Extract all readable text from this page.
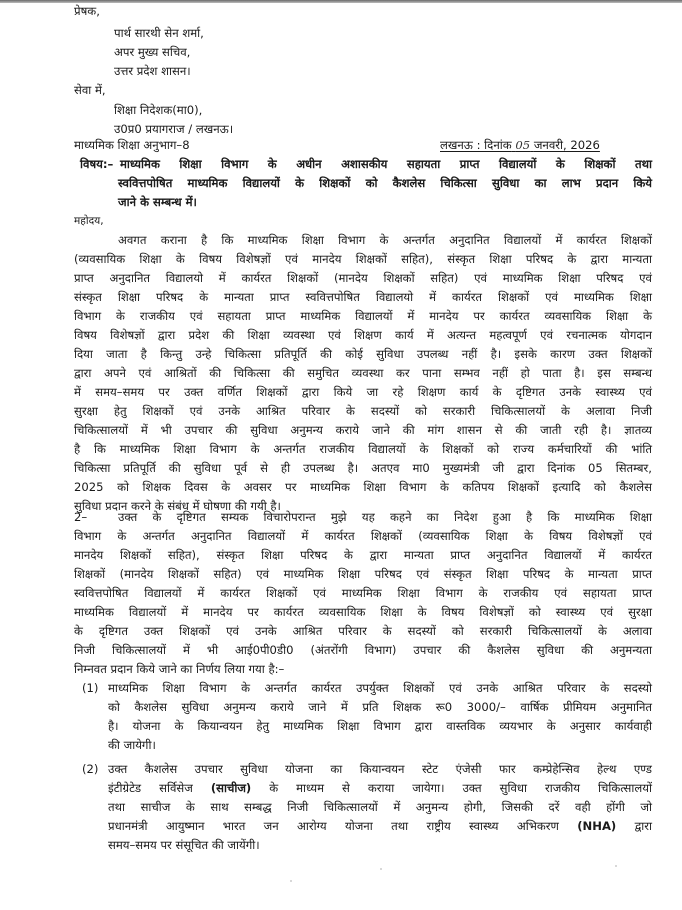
प्रेषक,
पार्थ सारथी सेन शर्मा,
अपर मुख्य सचिव,
उत्तर प्रदेश शासन।
सेवा में,
शिक्षा निदेशक(मा0),
उ0प्र0 प्रयागराज / लखनऊ।
माध्यमिक शिक्षा अनुभाग–8	लखनऊ : दिनांक 05 जनवरी, 2026
विषय:– माध्यमिक शिक्षा विभाग के अधीन अशासकीय सहायता प्राप्त विद्यालयों के शिक्षकों तथा
स्ववित्तपोषित माध्यमिक विद्यालयों के शिक्षकों को कैशलेस चिकित्सा सुविधा का लाभ प्रदान किये
जाने के सम्बन्ध में।
महोदय,
अवगत कराना है कि माध्यमिक शिक्षा विभाग के अन्तर्गत अनुदानित विद्यालयों में कार्यरत शिक्षकों
(व्यवसायिक शिक्षा के विषय विशेषज्ञों एवं मानदेय शिक्षकों सहित), संस्कृत शिक्षा परिषद के द्वारा मान्यता
प्राप्त अनुदानित विद्यालयो में कार्यरत शिक्षकों (मानदेय शिक्षकों सहित) एवं माध्यमिक शिक्षा परिषद एवं
संस्कृत शिक्षा परिषद के मान्यता प्राप्त स्ववित्तपोषित विद्यालयो में कार्यरत शिक्षकों एवं माध्यमिक शिक्षा
विभाग के राजकीय एवं सहायता प्राप्त माध्यमिक विद्यालयों में मानदेय पर कार्यरत व्यवसायिक शिक्षा के
विषय विशेषज्ञों द्वारा प्रदेश की शिक्षा व्यवस्था एवं शिक्षण कार्य में अत्यन्त महत्वपूर्ण एवं रचनात्मक योगदान
दिया जाता है किन्तु उन्हे चिकित्सा प्रतिपूर्ति की कोई सुविधा उपलब्ध नहीं है। इसके कारण उक्त शिक्षकों
द्वारा अपने एवं आश्रितों की चिकित्सा की समुचित व्यवस्था कर पाना सम्भव नहीं हो पाता है। इस सम्बन्ध
में समय–समय पर उक्त वर्णित शिक्षकों द्वारा किये जा रहे शिक्षण कार्य के दृष्टिगत उनके स्वास्थ्य एवं
सुरक्षा हेतु शिक्षकों एवं उनके आश्रित परिवार के सदस्यों को सरकारी चिकित्सालयों के अलावा निजी
चिकित्सालयों में भी उपचार की सुविधा अनुमन्य कराये जाने की मांग शासन से की जाती रही है। ज्ञातव्य
है कि माध्यमिक शिक्षा विभाग के अन्तर्गत राजकीय विद्यालयों के शिक्षकों को राज्य कर्मचारियों की भांति
चिकित्सा प्रतिपूर्ति की सुविधा पूर्व से ही उपलब्ध है। अतएव मा0 मुख्यमंत्री जी द्वारा दिनांक 05 सितम्बर,
2025 को शिक्षक दिवस के अवसर पर माध्यमिक शिक्षा विभाग के कतिपय शिक्षकों इत्यादि को कैशलेस
सुविधा प्रदान करने के संबंध में घोषणा की गयी है।
2–	उक्त के दृष्टिगत सम्यक विचारोपरान्त मुझे यह कहने का निदेश हुआ है कि माध्यमिक शिक्षा
विभाग के अन्तर्गत अनुदानित विद्यालयों में कार्यरत शिक्षकों (व्यवसायिक शिक्षा के विषय विशेषज्ञों एवं
मानदेय शिक्षकों सहित), संस्कृत शिक्षा परिषद के द्वारा मान्यता प्राप्त अनुदानित विद्यालयों में कार्यरत
शिक्षकों (मानदेय शिक्षकों सहित) एवं माध्यमिक शिक्षा परिषद एवं संस्कृत शिक्षा परिषद के मान्यता प्राप्त
स्ववित्तपोषित विद्यालयों में कार्यरत शिक्षकों एवं माध्यमिक शिक्षा विभाग के राजकीय एवं सहायता प्राप्त
माध्यमिक विद्यालयों में मानदेय पर कार्यरत व्यवसायिक शिक्षा के विषय विशेषज्ञों को स्वास्थ्य एवं सुरक्षा
के दृष्टिगत उक्त शिक्षकों एवं उनके आश्रित परिवार के सदस्यों को सरकारी चिकित्सालयों के अलावा
निजी चिकित्सालयों में भी आई0पी0डी0 (अंतरोंगी विभाग) उपचार की कैशलेस सुविधा की अनुमन्यता
निम्नवत प्रदान किये जाने का निर्णय लिया गया है:–
(1) माध्यमिक शिक्षा विभाग के अन्तर्गत कार्यरत उपर्युक्त शिक्षकों एवं उनके आश्रित परिवार के सदस्यो
को कैशलेस सुविधा अनुमन्य कराये जाने में प्रति शिक्षक रू0 3000/– वार्षिक प्रीमियम अनुमानित
है। योजना के कियान्वयन हेतु माध्यमिक शिक्षा विभाग द्वारा वास्तविक व्ययभार के अनुसार कार्यवाही
की जायेगी।
(2) उक्त कैशलेस उपचार सुविधा योजना का कियान्वयन स्टेट एंजेसी फार कम्प्रेहेन्सिव हेल्थ एण्ड
इंटीग्रेटेड सर्विसेज (साचीज) के माध्यम से कराया जायेगा। उक्त सुविधा राजकीय चिकित्सालयों
तथा साचीज के साथ सम्बद्ध निजी चिकित्सालयों में अनुमन्य होगी, जिसकी दरें वही होंगी जो
प्रधानमंत्री आयुष्मान भारत जन आरोग्य योजना तथा राष्ट्रीय स्वास्थ्य अभिकरण (NHA) द्वारा
समय–समय पर संसूचित की जायेंगी।
